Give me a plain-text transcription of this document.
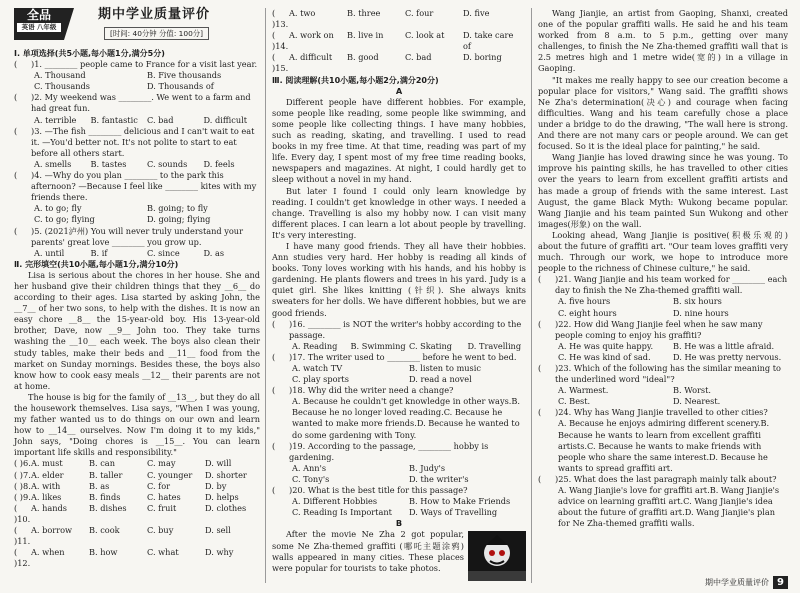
全品
英语 八年级
期中学业质量评价
[时间: 40分钟 分值: 100分]
Ⅰ. 单项选择(共5小题,每小题1分,满分5分)
(	)1. ________ people came to France for a visit last year.
A. Thousand	B. Five thousands
C. Thousands	D. Thousands of
(	)2. My weekend was ________. We went to a farm and had great fun.
A. terrible	B. fantastic	C. bad	D. difficult
(	)3. —The fish ________ delicious and I can't wait to eat it. —You'd better not. It's not polite to start to eat before all others start.
A. smells	B. tastes	C. sounds	D. feels
(	)4. —Why do you plan ________ to the park this afternoon? —Because I feel like ________ kites with my friends there.
A. to go; fly	B. going; to fly
C. to go; flying	D. going; flying
(	)5. (2021泸州) You will never truly understand your parents' great love ________ you grow up.
A. until	B. if	C. since	D. as
Ⅱ. 完形填空(共10小题,每小题1分,满分10分)
Lisa is serious about the chores in her house. She and her husband give their children things that they __6__ do according to their ages. Lisa started by asking John, the __7__ of her two sons, to help with the dishes. It is now an easy chore __8__ the 15-year-old boy. His 13-year-old brother, Dave, now __9__ John too. They take turns washing the __10__ each week. The boys also clean their study tables, make their beds and __11__ food from the market on Sunday mornings. Besides these, the boys also know how to cook easy meals __12__ their parents are not at home.
The house is big for the family of __13__, but they do all the housework themselves. Lisa says, "When I was young, my father wanted us to do things on our own and learn how to __14__ ourselves. Now I'm doing it to my kids," John says, "Doing chores is __15__. You can learn important life skills and responsibility."
( )6. A. must	B. can	C. may	D. will
( )7. A. elder	B. taller	C. younger	D. shorter
( )8. A. with	B. as	C. for	D. by
( )9. A. likes	B. finds	C. hates	D. helps
( )10.
A. hands	B. dishes	C. fruit	D. clothes
( )11.
A. borrow	B. cook	C. buy	D. sell
( )12.
A. when	B. how	C. what	D. why
( )13.
A. two	B. three	C. four	D. five
( )14.
A. work on	B. live in	C. look at	D. take care of
( )15.
A. difficult	B. good	C. bad	D. boring
Ⅲ. 阅读理解(共10小题,每小题2分,满分20分)
A
Different people have different hobbies. For example, some people like reading, some people like swimming, and some people like collecting things. I have many hobbies, such as reading, skating, and travelling. I used to read books in my free time. At that time, reading was part of my life. Every day, I spent most of my free time reading books, newspapers and magazines. At night, I could hardly get to sleep without a novel in my hand.
But later I found I could only learn knowledge by reading. I couldn't get knowledge in other ways. I needed a change. Travelling is also my hobby now. I can visit many different places. I can learn a lot about people by travelling. It's very interesting.
I have many good friends. They all have their hobbies. Ann studies very hard. Her hobby is reading all kinds of books. Tony loves working with his hands, and his hobby is gardening. He plants flowers and trees in his yard. Judy is a quiet girl. She likes knitting (针织). She always knits sweaters for her dolls. We have different hobbies, but we are good friends.
(	)16. ________ is NOT the writer's hobby according to the passage.
A. Reading	B. Swimming C. Skating	D. Travelling
(	)17. The writer used to ________ before he went to bed.
A. watch TV	B. listen to music
C. play sports	D. read a novel
(	)18. Why did the writer need a change?
A. Because he couldn't get knowledge in other ways.B. Because he no longer loved reading.C. Because he wanted to make more friends.D. Because he wanted to do some gardening with Tony.
(	)19. According to the passage, ________ hobby is gardening.
A. Ann's	B. Judy's
C. Tony's	D. the writer's
(	)20. What is the best title for this passage?
A. Different Hobbies	B. How to Make Friends
C. Reading Is Important	D. Ways of Travelling
B
After the movie Ne Zha 2 got popular, some Ne Zha-themed graffiti (哪吒主题涂鸦) walls appeared in many cities. These places were popular for tourists to take photos.
Wang Jianjie, an artist from Gaoping, Shanxi, created one of the popular graffiti walls. He said he and his team worked from 8 a.m. to 5 p.m., getting over many challenges, to finish the Ne Zha-themed graffiti wall that is 2.5 metres high and 1 metre wide(宽的) in a village in Gaoping.
"It makes me really happy to see our creation become a popular place for visitors," Wang said. The graffiti shows Ne Zha's determination(决心) and courage when facing difficulties. Wang and his team carefully chose a place under a bridge to do the drawing, "The wall here is strong. And there are not many cars or people around. We can get focused. So it is the ideal place for painting," he said.
Wang Jianjie has loved drawing since he was young. To improve his painting skills, he has travelled to other cities over the years to learn from excellent graffiti artists and has made a group of friends with the same interest. Last August, the game Black Myth: Wukong became popular. Wang Jianjie and his team painted Sun Wukong and other images(形象) on the wall.
Looking ahead, Wang Jianjie is positive(积极乐观的) about the future of graffiti art. "Our team loves graffiti very much. Through our work, we hope to introduce more people to the richness of Chinese culture," he said.
(	)21. Wang Jianjie and his team worked for ________ each day to finish the Ne Zha-themed graffiti wall.
A. five hours	B. six hours
C. eight hours	D. nine hours
(	)22. How did Wang Jianjie feel when he saw many people coming to enjoy his graffiti?
A. He was quite happy.	B. He was a little afraid.
C. He was kind of sad.	D. He was pretty nervous.
(	)23. Which of the following has the similar meaning to the underlined word "ideal"?
A. Warmest.	B. Worst.
C. Best.	D. Nearest.
(	)24. Why has Wang Jianjie travelled to other cities?
A. Because he enjoys admiring different scenery.B. Because he wants to learn from excellent graffiti artists.C. Because he wants to make friends with people who share the same interest.D. Because he wants to spread graffiti art.
(	)25. What does the last paragraph mainly talk about?
A. Wang Jianjie's love for graffiti art.B. Wang Jianjie's advice on learning graffiti art.C. Wang Jianjie's idea about the future of graffiti art.D. Wang Jianjie's plan for Ne Zha-themed graffiti walls.
期中学业质量评价 9
